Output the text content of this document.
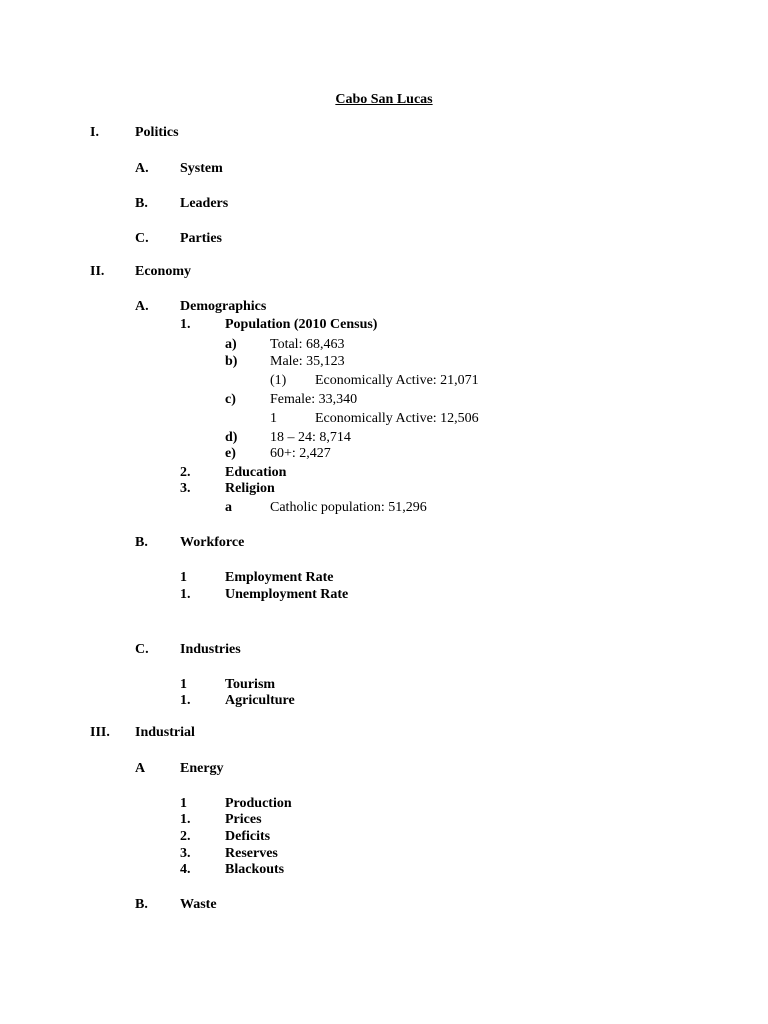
Cabo San Lucas
I.	Politics
A. System
B. Leaders
C. Parties
II. Economy
A. Demographics
1. Population (2010 Census)
a) Total: 68,463
b) Male: 35,123
(1) Economically Active: 21,071
c) Female: 33,340
1	Economically Active: 12,506
d) 18 – 24: 8,714
e) 60+: 2,427
2. Education
3. Religion
a	Catholic population: 51,296
B. Workforce
1	Employment Rate
1. Unemployment Rate
C. Industries
1	Tourism
1. Agriculture
III. Industrial
A Energy
1	Production
1. Prices
2. Deficits
3. Reserves
4. Blackouts
B. Waste
